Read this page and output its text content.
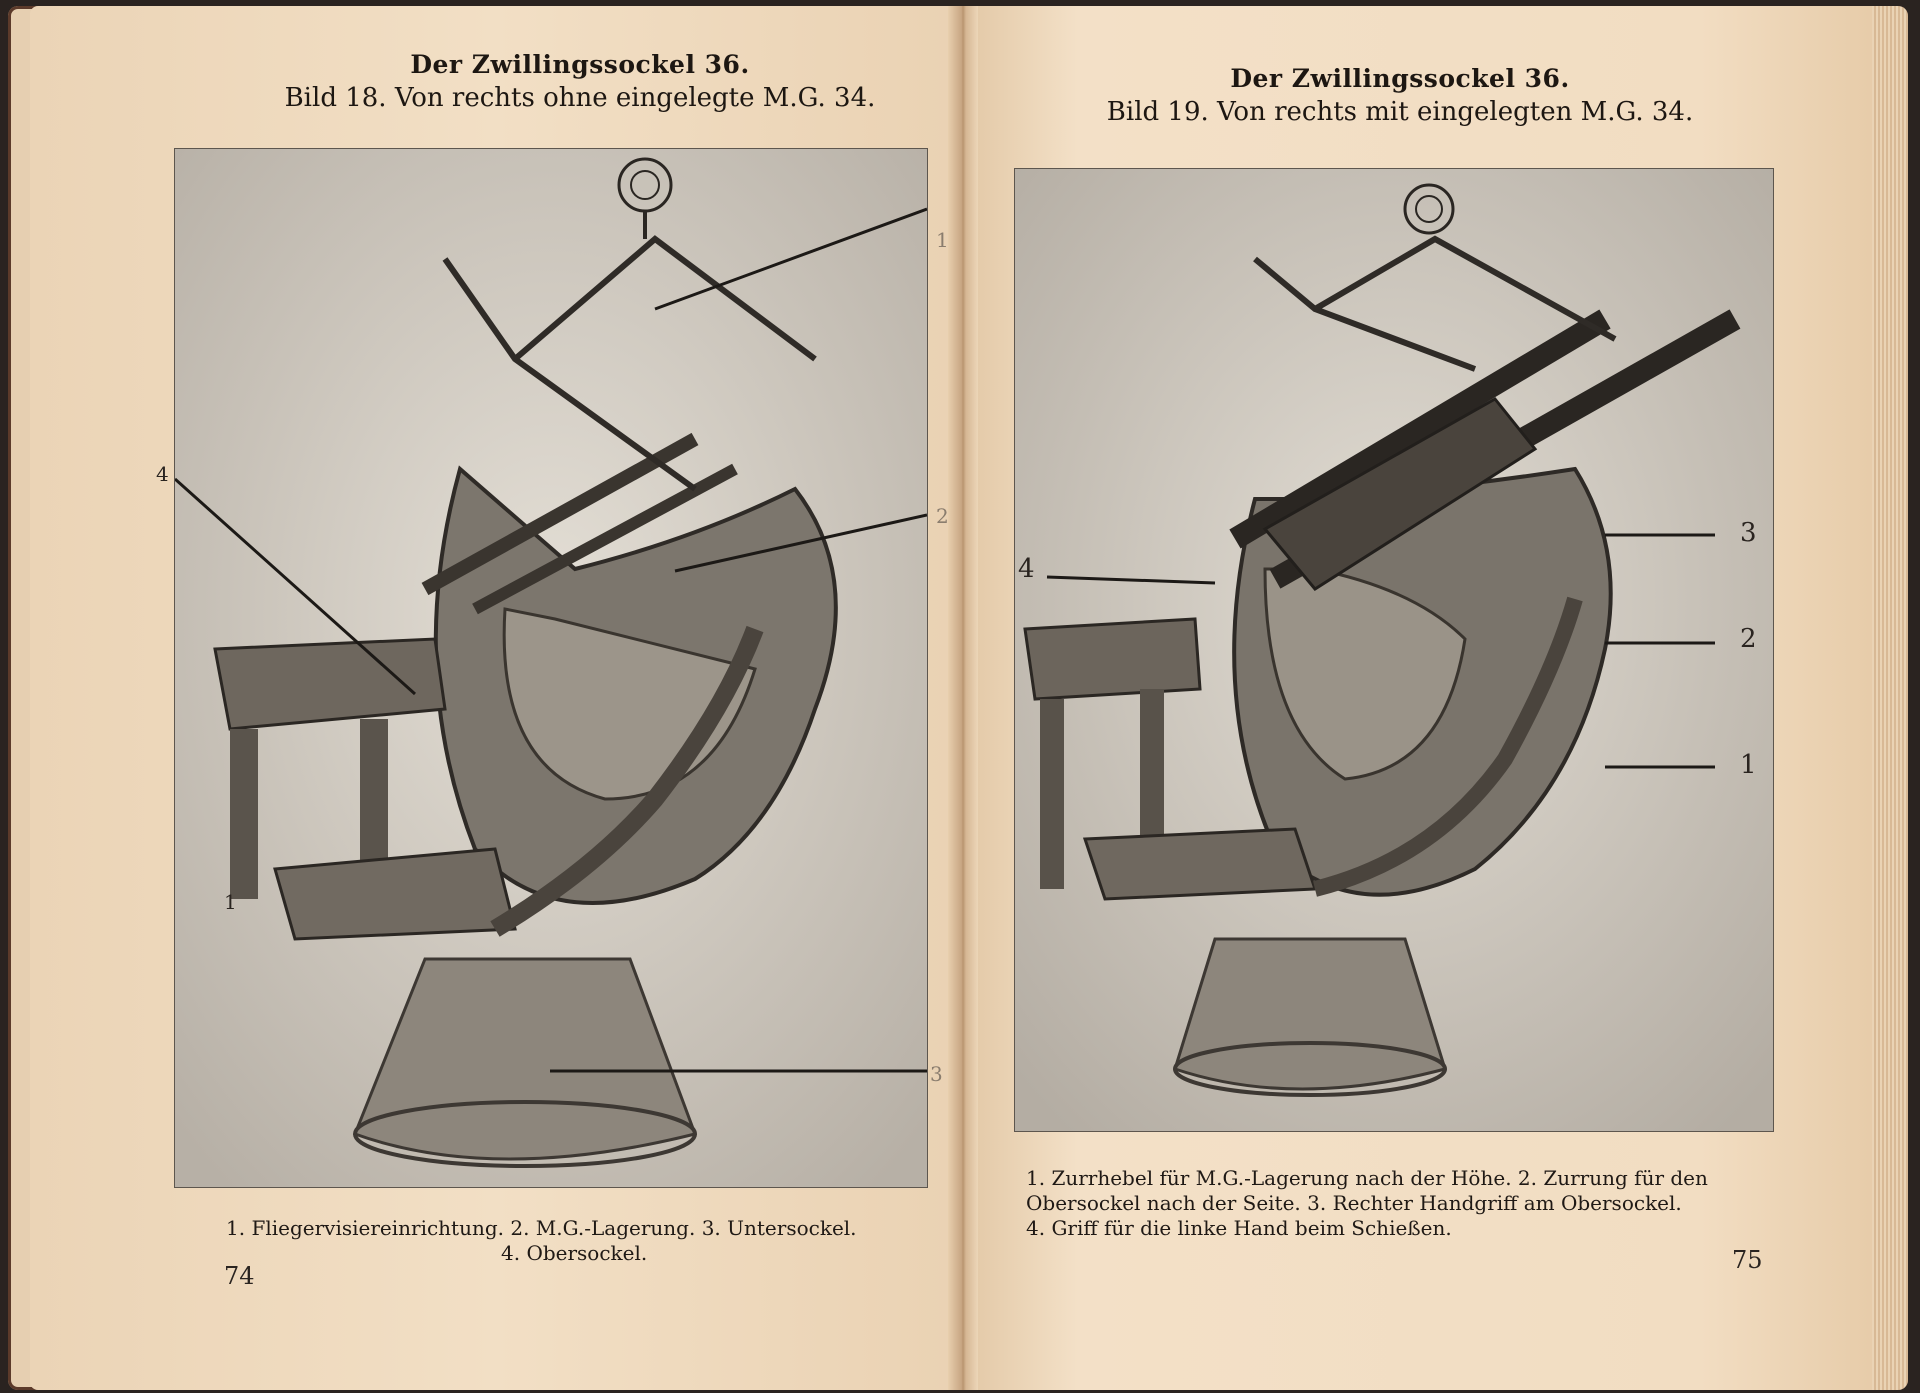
Der Zwillingssockel 36.
Bild 18. Von rechts ohne eingelegte M.G. 34.
4
1
1
2
3
1. Fliegervisiereinrichtung. 2. M.G.-Lagerung. 3. Untersockel.
4. Obersockel.
74
Der Zwillingssockel 36.
Bild 19. Von rechts mit eingelegten M.G. 34.
4
3
2
1
1. Zurrhebel für M.G.-Lagerung nach der Höhe. 2. Zurrung für den
Obersockel nach der Seite. 3. Rechter Handgriff am Obersockel.
4. Griff für die linke Hand beim Schießen.
75
